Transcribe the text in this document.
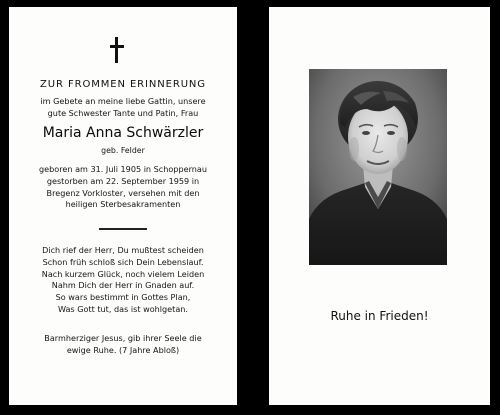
ZUR FROMMEN ERINNERUNG
im Gebete an meine liebe Gattin, unsere
gute Schwester Tante und Patin, Frau
Maria Anna Schwärzler
geb. Felder
geboren am 31. Juli 1905 in Schoppernau
gestorben am 22. September 1959 in
Bregenz Vorkloster, versehen mit den
heiligen Sterbesakramenten
Dich rief der Herr, Du mußtest scheiden
Schon früh schloß sich Dein Lebenslauf.
Nach kurzem Glück, noch vielem Leiden
Nahm Dich der Herr in Gnaden auf.
So wars bestimmt in Gottes Plan,
Was Gott tut, das ist wohlgetan.
Barmherziger Jesus, gib ihrer Seele die
ewige Ruhe. (7 Jahre Abloß)
Ruhe in Frieden!
